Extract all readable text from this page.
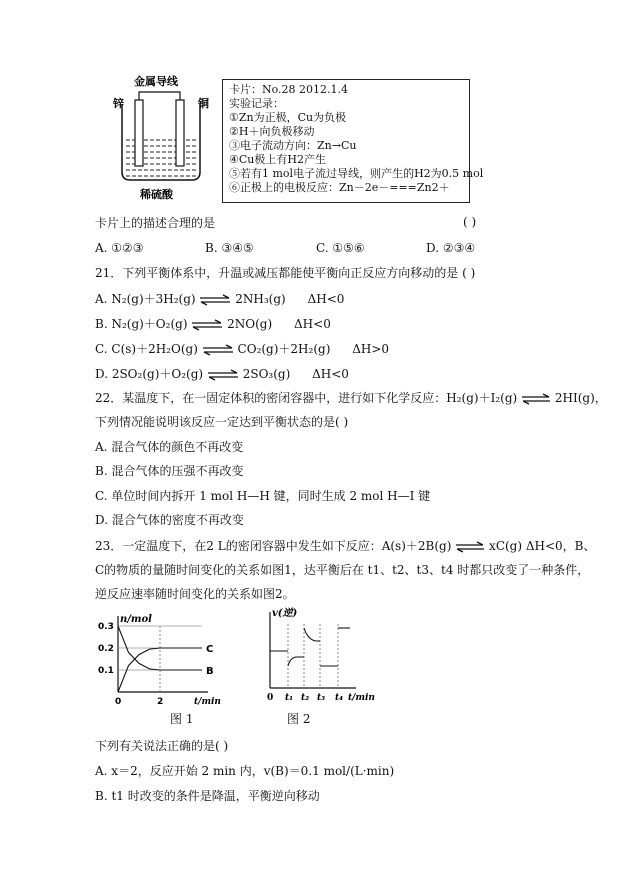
金属导线
锌	铜
稀硫酸
卡片：No.28 2012.1.4
实验记录：
①Zn为正极，Cu为负极
②H＋向负极移动
③电子流动方向：Zn→Cu
④Cu极上有H2产生
⑤若有1 mol电子流过导线，则产生的H2为0.5 mol
⑥正极上的电极反应：Zn－2e－===Zn2＋
卡片上的描述合理的是	( )
A. ①②③	B. ③④⑤	C. ①⑤⑥	D. ②③④
21．下列平衡体系中，升温或减压都能使平衡向正反应方向移动的是 ( )
A. N₂(g)＋3H₂(g) ⇌ 2NH₃(g) ΔH<0
B. N₂(g)＋O₂(g) ⇌ 2NO(g) ΔH<0
C. C(s)＋2H₂O(g) ⇌ CO₂(g)＋2H₂(g) ΔH>0
D. 2SO₂(g)＋O₂(g) ⇌ 2SO₃(g) ΔH<0
22．某温度下，在一固定体积的密闭容器中，进行如下化学反应：H₂(g)＋I₂(g) ⇌ 2HI(g)，
下列情况能说明该反应一定达到平衡状态的是( )
A. 混合气体的颜色不再改变
B. 混合气体的压强不再改变
C. 单位时间内拆开 1 mol H—H 键，同时生成 2 mol H—I 键
D. 混合气体的密度不再改变
23．一定温度下，在2 L的密闭容器中发生如下反应：A(s)＋2B(g) ⇌ xC(g) ΔH<0，B、
C的物质的量随时间变化的关系如图1，达平衡后在 t1、t2、t3、t4 时都只改变了一种条件，
逆反应速率随时间变化的关系如图2。
n/mol
t/min
0.3
0.2
0.1
0	2
C
B
图 1
v(逆)
t/min
0 t₁ t₂ t₃ t₄
图 2
下列有关说法正确的是( )
A. x＝2，反应开始 2 min 内，v(B)＝0.1 mol/(L·min)
B. t1 时改变的条件是降温，平衡逆向移动
